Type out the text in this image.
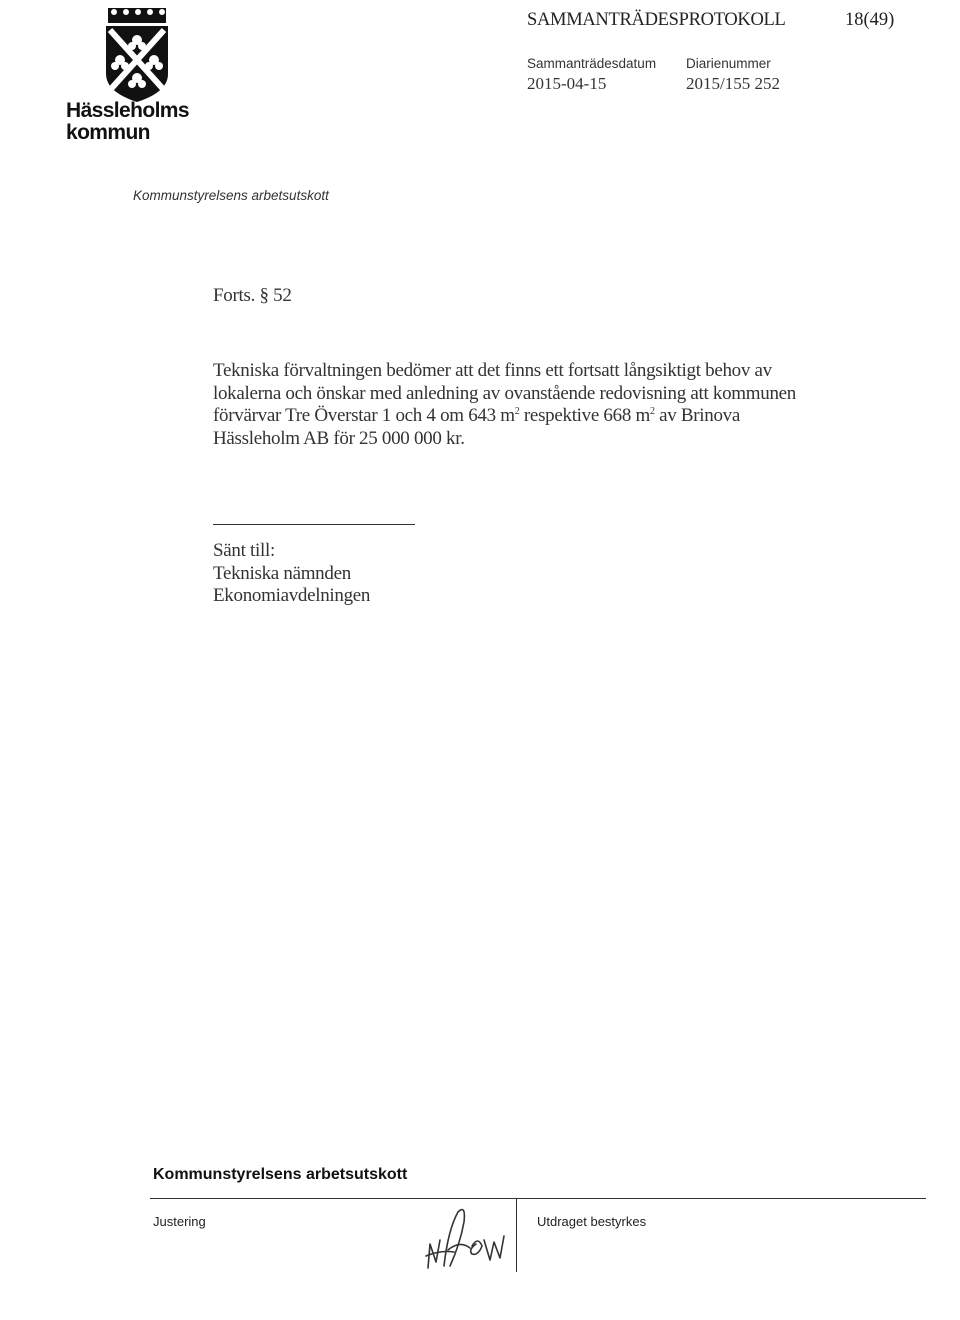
Hässleholms
kommun
SAMMANTRÄDESPROTOKOLL	18(49)
Sammanträdesdatum
2015-04-15
Diarienummer
2015/155 252
Kommunstyrelsens arbetsutskott
Forts. § 52
Tekniska förvaltningen bedömer att det finns ett fortsatt långsiktigt behov av
lokalerna och önskar med anledning av ovanstående redovisning att kommunen
förvärvar Tre Överstar 1 och 4 om 643 $m^2$ respektive 668 $m^2$ av Brinova
Hässleholm AB för 25 000 000 kr.
Sänt till:
Tekniska nämnden
Ekonomiavdelningen
Kommunstyrelsens arbetsutskott
Justering	Utdraget bestyrkes
